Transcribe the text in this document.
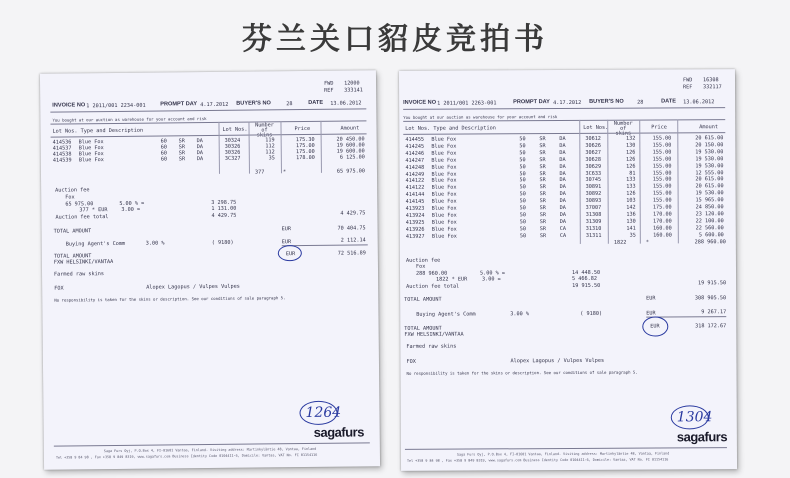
芬兰关口貂皮竞拍书
FWD 12000
REF 333141
INVOICE NO 1 2011/001 2234-001	PROMPT DAY 4.17.2012 BUYER'S NO	28	DATE 13.06.2012
You bought at our auction as warehouse for your account and risk
Lot Nos. Type and Description	Lot Nos.
Number of skins
Price	Amount
414536 Blue Fox	60 SR DA	30324	119	175.30	20 450.00
414537 Blue Fox	60 SR DA	30326	112	175.00	19 600.00
414538 Blue Fox	60 SR DA	30326	112	175.00	19 600.00
414539 Blue Fox	60 SR DA	3C327	35	178.00	6 125.00
377	*	65 975.00
Auction fee
Fox
65 975.00	5.00 % =	3 298.75
377 * EUR	3.00 =	1 131.00
Auction fee total	4 429.75	4 429.75
TOTAL AMOUNT	EUR	70 404.75
Buying Agent's Comm	3.00 %	( 9180)	EUR	2 112.14
TOTAL AMOUNT
FXW HELSINKI/VANTAA
EUR	72 516.89
Farmed raw skins
FOX	Alopex Lagopus / Vulpes Vulpes
No responsibility is taken for the skins or description. See our conditions of sale paragraph 5.
1264
sagafurs
Saga Furs Oyj, P.O.Box 4, FI-01601 Vantaa, Finland. Visiting address: Martinkyläntie 48, Vantaa, Finland
Tel +358 9 84 98 , Fax +358 9 849 8319, www.sagafurs.com Business Identity Code 0104411-6, Domicile: Vantaa, VAT No. FI 01154116
FWD 16308
REF 332117
INVOICE NO 1 2011/001 2263-001	PROMPT DAY 4.17.2012 BUYER'S NO	28	DATE 13.06.2012
You bought at our auction as warehouse for your account and risk
Lot Nos. Type and Description	Lot Nos.
Number of skins
Price	Amount
414455 Blue Fox	50	SR	DA	30612	132	155.00	20 615.00
414245 Blue Fox	50	SR	DA	30626	130	155.00	20 150.00
414246 Blue Fox	50	SR	DA	30627	126	155.00	19 530.00
414247 Blue Fox	50	SR	DA	30628	126	155.00	19 530.00
414248 Blue Fox	50	SR	DA	30629	126	155.00	19 530.00
414249 Blue Fox	50	SR	DA	3C633	81	155.00	12 555.00
414122 Blue Fox	50	SR	DA	30745	133	155.00	20 615.00
414122 Blue Fox	50	SR	DA	30891	133	155.00	20 615.00
414144 Blue Fox	50	SR	DA	30892	126	155.00	19 530.00
414145 Blue Fox	50	SR	DA	30893	103	155.00	15 965.00
413923 Blue Fox	50	SR	DA	37007	142	175.00	24 850.00
413924 Blue Fox	50	SR	DA	31308	136	170.00	23 120.00
413925 Blue Fox	50	SR	DA	31309	130	170.00	22 100.00
413926 Blue Fox	50	SR	CA	31310	141	160.00	22 560.00
413927 Blue Fox	50	SR	CA	31311	35	160.00	5 600.00
1822	*	288 960.00
Auction fee
Fox
288 960.00	5.00 % =	14 448.50
1822 * EUR	3.00 =	5 466.82
Auction fee total	19 915.50	19 915.50
TOTAL AMOUNT	EUR	308 905.50
Buying Agent's Comm	3.00 %	( 9180)	EUR	9 267.17
TOTAL AMOUNT
FXW HELSINKI/VANTAA
EUR	318 172.67
Farmed raw skins
FOX	Alopex Lagopus / Vulpes Vulpes
No responsibility is taken for the skins or description. See our conditions of sale paragraph 5.
1304
sagafurs
Saga Furs Oyj, P.O.Box 4, FI-01601 Vantaa, Finland. Visiting address: Martinkyläntie 48, Vantaa, Finland
Tel +358 9 84 98 , Fax +358 9 849 8319, www.sagafurs.com Business Identity Code 0104411-6, Domicile: Vantaa, VAT No. FI 01154116
